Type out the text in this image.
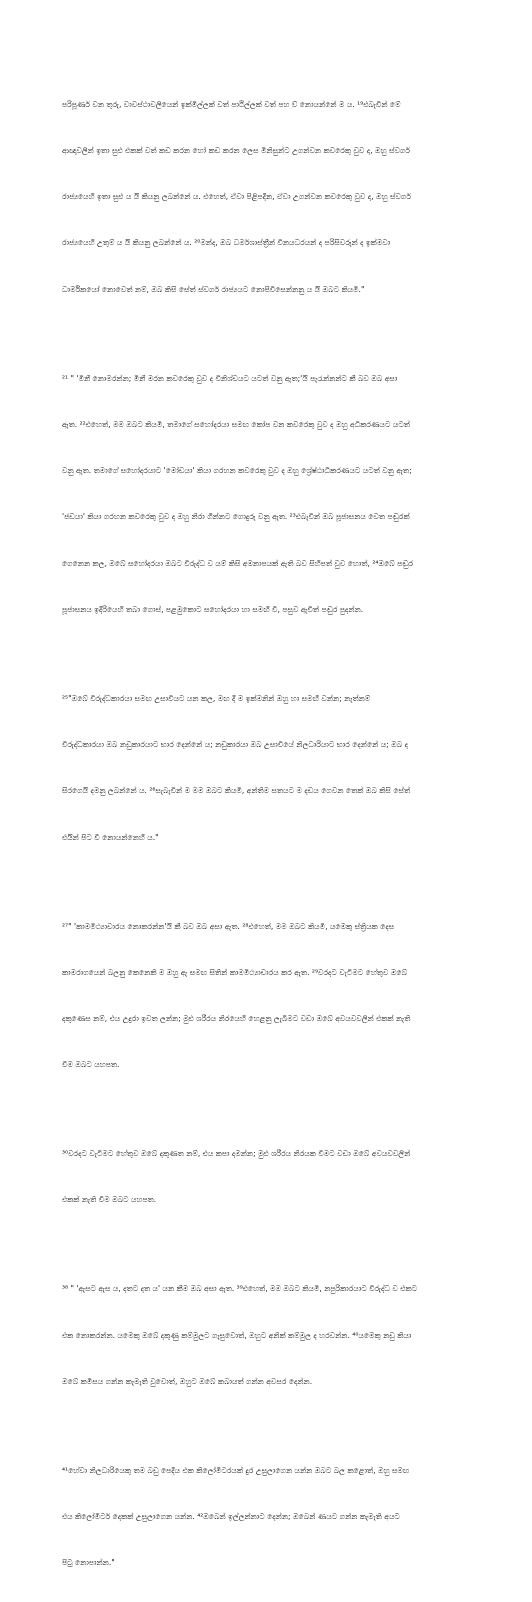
පරිපූර්ණ වන තුරු, වාවස්ථාවලියෙන් ඉක්මිල්ලක් වත් පාඨිල්ලක් වත් පහ ව් නොයන්නේ ම ය. ¹⁹එබැවින් මේ

ආඥාවලින් ඉතා සුළු එකක් වත් කඩ කරන හෝ කඩ කරන ලෙස මිනිසුන්ට උගන්වන කවරෙකු වුව ද, ඔහු ස්වර්ග

රාජ්‍යයෙහි ඉතා සුළු ය යි කියනු ලබන්නේ ය. එහෙත්, ඒවා පිළිපදින, ඒවා උගන්වන කවරෙකු වුව ද, ඔහු ස්වර්ග

රාජ්‍යයෙහි උතුම් ය යි කියනු ලබන්නේ ය. ²⁰මන්ද, ඔබ ධර්මශාස්ත්‍රීන් විනයධරයන් ද පරිසිවරුන් ද ඉක්මවා

ධාර්මිකයෝ නොවෙත් නම්, ඔබ කිසි සේත් ස්වර්ග රාජ්‍යයට නොපිවිසෙන්නනු ය යි ඔබට කියමි."

²¹ " 'මිනී නොමරන්න; මිනී මරන කවරෙකු වුව ද විනිශ්චයට යටත් වනු ඇත;'යි පැරැන්නන්ට කී බව ඔබ අසා

ඇත. ²²එහෙත්, මම ඔබට කියමි, තමාගේ සහෝදරයා සමඟ කෝප වන කවරෙකු වුව ද ඔහු අධිකරණයට යටත්

වනු ඇත. තමාගේ සහෝදරයාට 'මෝඩයා' කියා ගරහන කවරෙකු වුව ද ඔහු ශ්‍රේෂ්ඨාධිකරණයට යටත් වනු ඇත;

'ජඩයා' කියා ගරහන කවරෙකු වුව ද ඔහු නිරා ගින්නට ගොදුරු වනු ඇත. ²³එබැවින් ඔබ පූජාසනය වෙත පඬුරක්

ගෙනෙන කල, ඔබේ සහෝදරයා ඔබට විරුද්ධ ව යම් කිසි අමනාපයක් ඇති බව සිහිපත් වුව හොත්, ²⁴ඔබේ පඬුර

පූජාසනය ඉදිරියෙහි තබා ගොස්, පළමුකොට සහෝදරයා හා සමඟි වී, පසුව ඇවිත් පඬුර පුදන්න.

²⁵"ඔබේ විරුද්ධකාරයා සමඟ උසාවියට යන කල, මඟ දී ම ඉක්මනින් ඔහු හා සමඟි වන්න; නැත්නම්

විරුද්ධකාරයා ඔබ නඩුකාරයාට භාර දෙන්නේ ය; නඩුකාරයා ඔබ උසාවියේ නිලධාරියාට භාර දෙන්නේ ය; ඔබ ද

සිරගෙයි දමනු ලබන්නේ ය. ²⁶සැබැවින් ම මම ඔබට කියමි, අන්තිම සතයට ම දඩය ගෙවන තෙක් ඔබ කිසි සේත්

එයින් පිට වී නොයන්නෙහි ය."

²⁷" 'කාමමිථ්‍යාචාරය නොකරන්න'යි කී බව ඔබ අසා ඇත. ²⁸එහෙත්, මම ඔබට කියමි, යමෙකු ස්ත්‍රියක දෙස

කාමරාගයෙන් බලනු කෙනෙකි ම ඔහු ඇ සමඟ සිතින් කාමමිථ්‍යාචාරය කර ඇත. ²⁹වරදට වැටීමට හේතුව ඔබේ

දකුණෙස නම්, එය උදුරා ඉවත ලන්න; මුළු ශරීරය නිරයෙහි හෙළනු ලැබීමට වඩා ඔබේ අවයවවලින් එකක් නැති

වීම ඔබට යහපත.

³⁰වරදට වැටීමට හේතුව ඔබේ දකුණත නම්, එය කපා දමන්න; මුළු ශරීරය නිරයක වීමට වඩා ඔබේ අවයවවලින්

එකක් නැති වීම ඔබට යහපත.

³⁸ " 'ඇසට ඇස ය, දතට දත ය' යන කීම ඔබ අසා ඇත. ³⁹එහෙත්, මම ඔබට කියමි, නපුරිකාරයාට විරුද්ධ ව එකට

එක නොකරන්න. යමෙකු ඔබේ දකුණු කම්මුලට ගැසුවොත්, ඔහුට අනික් කම්මුල ද හරවන්න. ⁴⁰යමෙකු නඩු කියා

ඔබේ කමිසය ගන්න කැමැති වුවොත්, ඔහුට ඔබේ කබායත් ගන්න අවසර දෙන්න.

⁴¹හේවා නිලධාරියෙකු තම බඩු පෙදිය එක කිලෝමීටරයක් දුර උසුලාගෙන යන්න ඔබට බල කළොත්, ඔහු සමඟ

එය කිලෝමීටර් දෙකක් උසුලාගෙන යන්න. ⁴²ඔබෙන් ඉල්ලන්නාට දෙන්න; ඔබෙන් ණයට ගන්න කැමැති අයට

පිටු නොපාන්න."
